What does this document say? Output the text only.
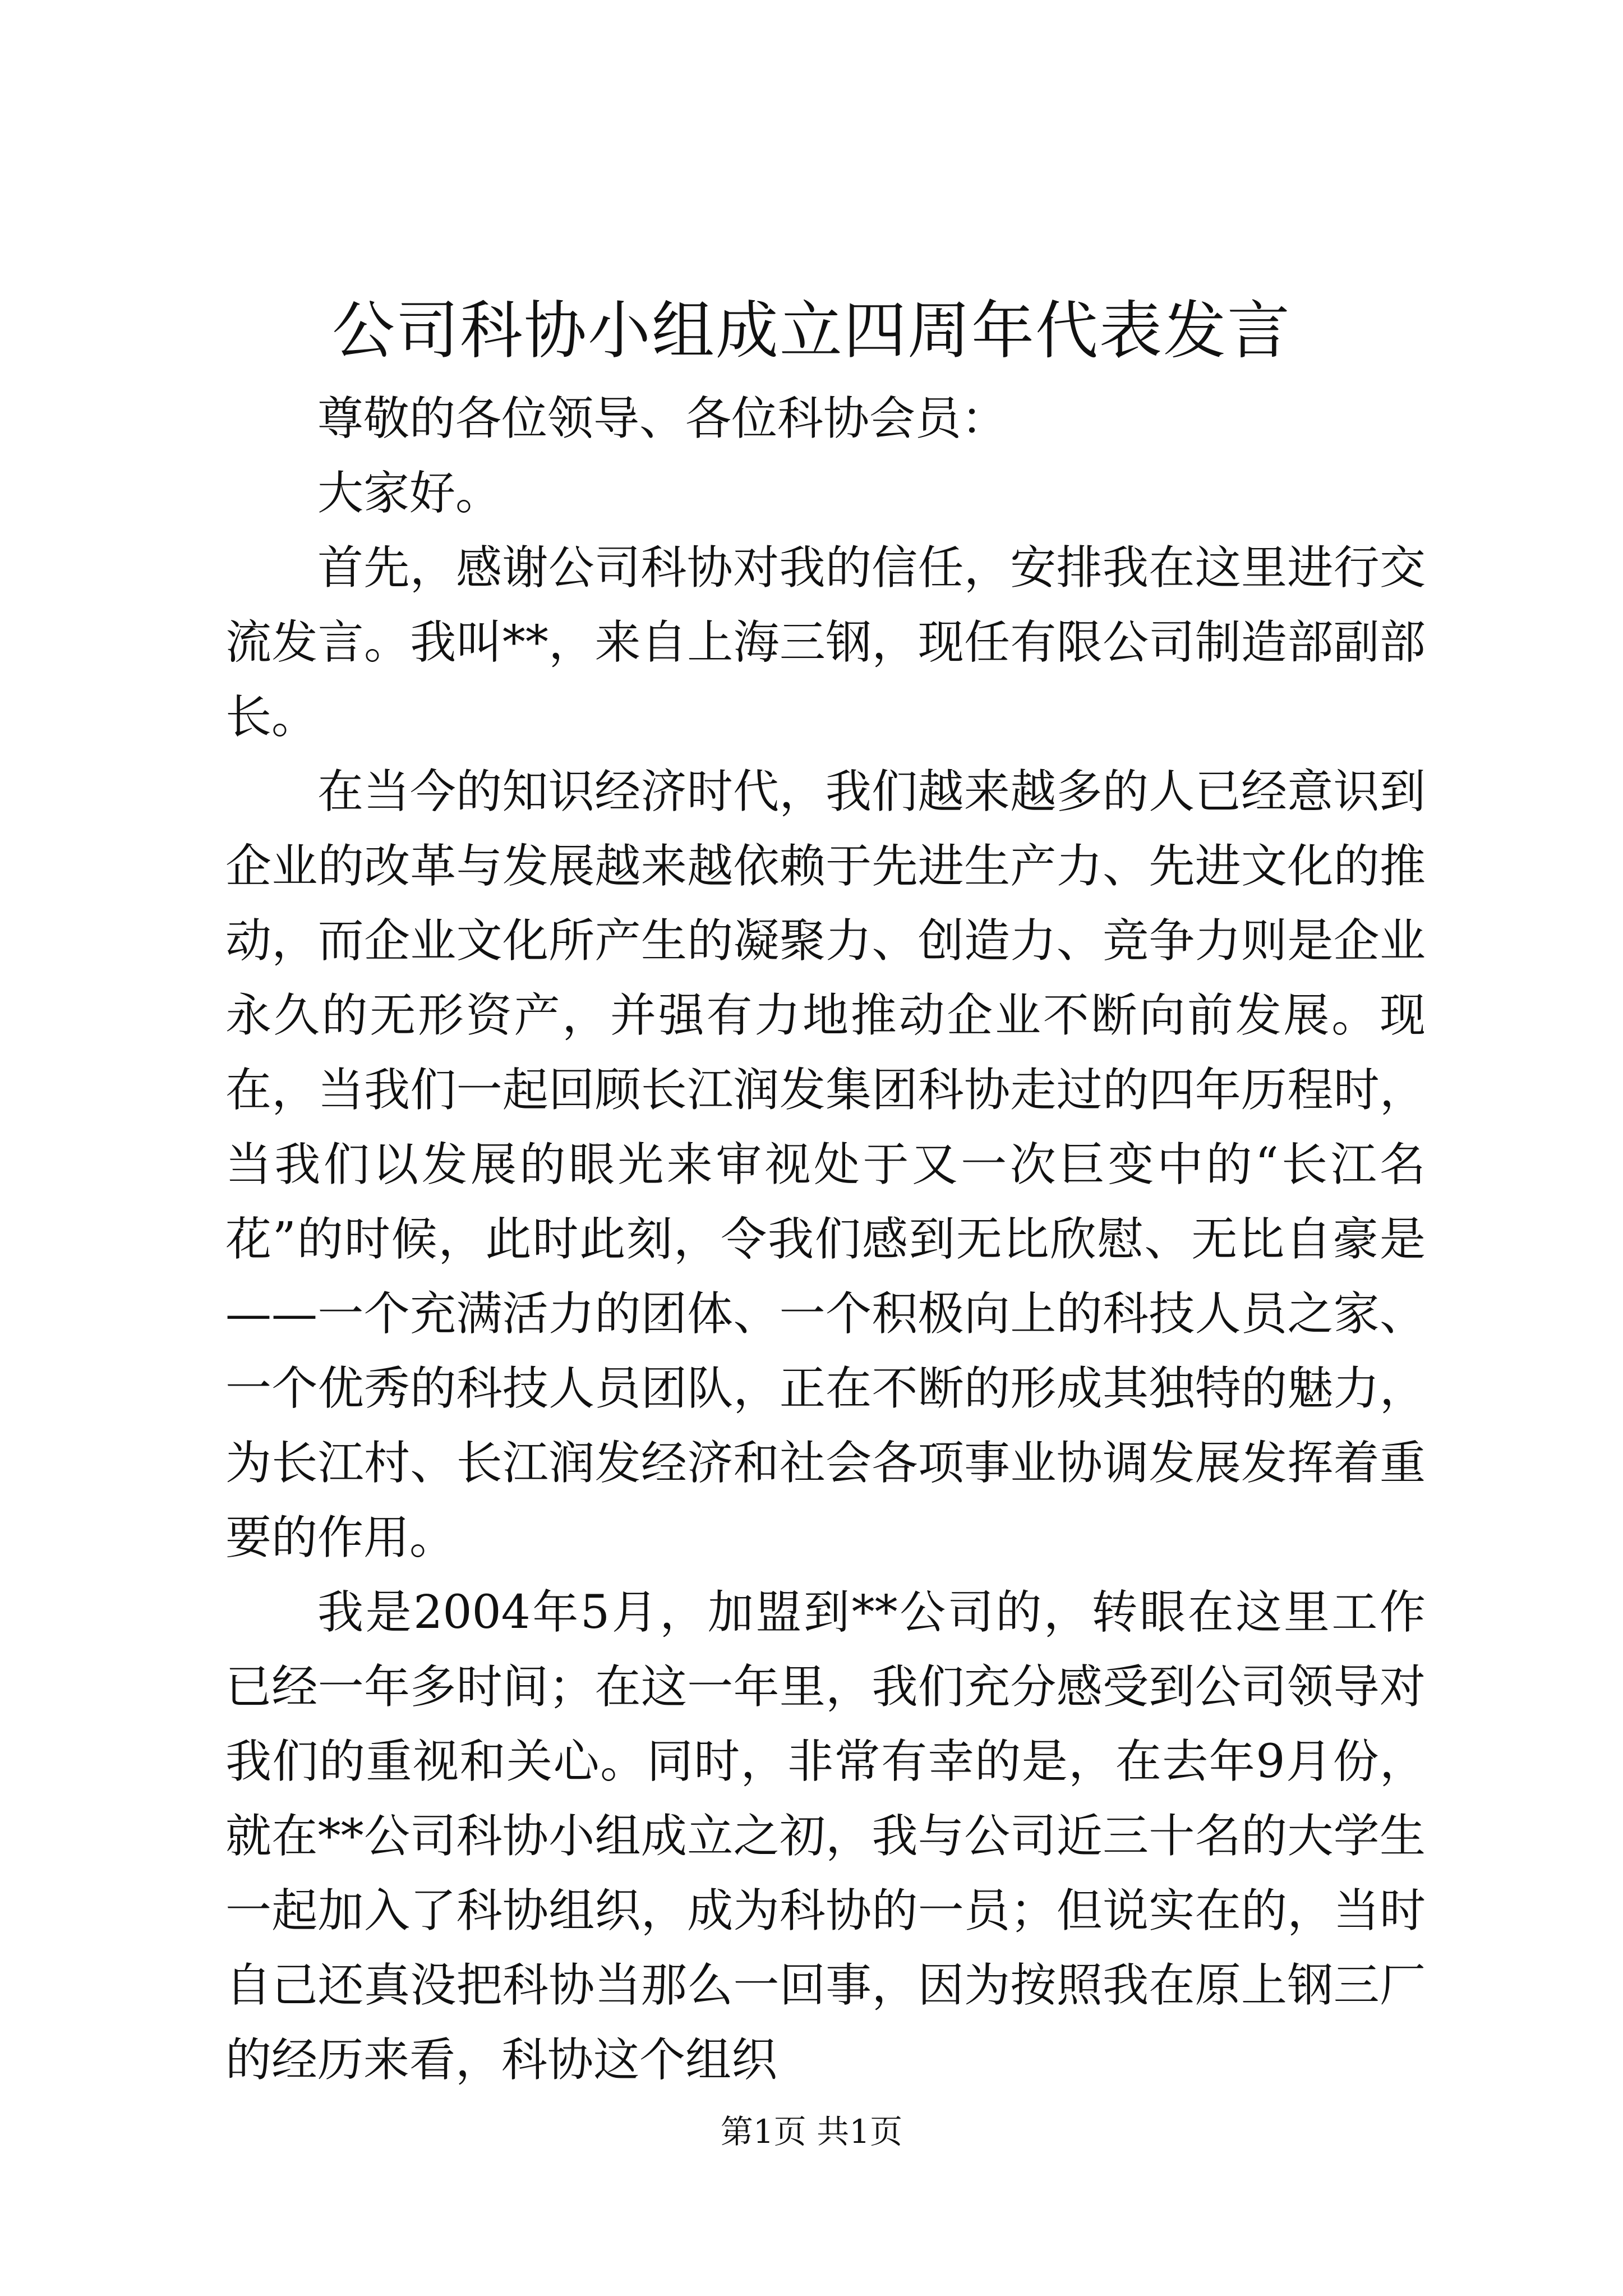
公司科协小组成立四周年代表发言

尊敬的各位领导、各位科协会员：

大家好。

首先，感谢公司科协对我的信任，安排我在这里进行交流发言。我叫**，来自上海三钢，现任有限公司制造部副部长。

在当今的知识经济时代，我们越来越多的人已经意识到企业的改革与发展越来越依赖于先进生产力、先进文化的推动，而企业文化所产生的凝聚力、创造力、竞争力则是企业永久的无形资产，并强有力地推动企业不断向前发展。现在，当我们一起回顾长江润发集团科协走过的四年历程时，当我们以发展的眼光来审视处于又一次巨变中的“长江名花”的时候，此时此刻，令我们感到无比欣慰、无比自豪是——一个充满活力的团体、一个积极向上的科技人员之家、一个优秀的科技人员团队，正在不断的形成其独特的魅力，为长江村、长江润发经济和社会各项事业协调发展发挥着重要的作用。

我是2004年5月，加盟到**公司的，转眼在这里工作已经一年多时间；在这一年里，我们充分感受到公司领导对我们的重视和关心。同时，非常有幸的是，在去年9月份，就在**公司科协小组成立之初，我与公司近三十名的大学生一起加入了科协组织，成为科协的一员；但说实在的，当时自己还真没把科协当那么一回事，因为按照我在原上钢三厂的经历来看，科协这个组织

第1页 共1页
